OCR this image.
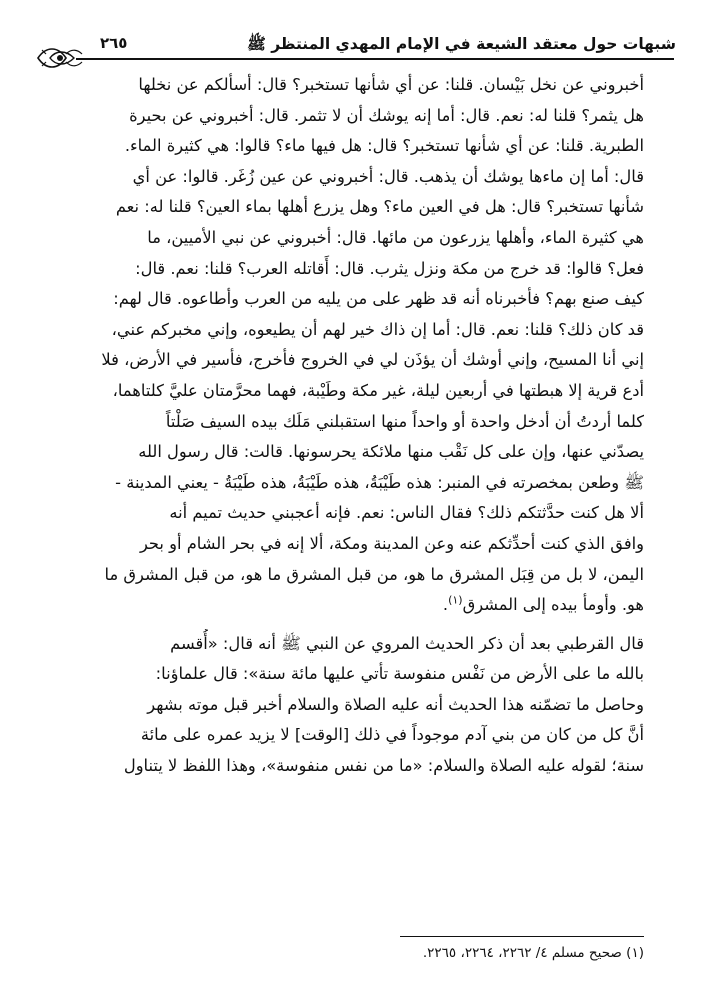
شبهات حول معتقد الشيعة في الإمام المهدي المنتظر ﷺ
٢٦٥
أخبروني عن نخل بَيْسان. قلنا: عن أي شأنها تستخبر؟ قال: أسألكم عن نخلها
هل يثمر؟ قلنا له: نعم. قال: أما إنه يوشك أن لا تثمر. قال: أخبروني عن بحيرة
الطبرية. قلنا: عن أي شأنها تستخبر؟ قال: هل فيها ماء؟ قالوا: هي كثيرة الماء.
قال: أما إن ماءها يوشك أن يذهب. قال: أخبروني عن عين زُغَر. قالوا: عن أي
شأنها تستخبر؟ قال: هل في العين ماء؟ وهل يزرع أهلها بماء العين؟ قلنا له: نعم
هي كثيرة الماء، وأهلها يزرعون من مائها. قال: أخبروني عن نبي الأميين، ما
فعل؟ قالوا: قد خرج من مكة ونزل يثرب. قال: أَقاتله العرب؟ قلنا: نعم. قال:
كيف صنع بهم؟ فأخبرناه أنه قد ظهر على من يليه من العرب وأطاعوه. قال لهم:
قد كان ذلك؟ قلنا: نعم. قال: أما إن ذاك خير لهم أن يطيعوه، وإني مخبركم عني،
إني أنا المسيح، وإني أوشك أن يؤذَن لي في الخروج فأخرج، فأسير في الأرض، فلا
أدع قرية إلا هبطتها في أربعين ليلة، غير مكة وطَيْبة، فهما محرَّمتان عليَّ كلتاهما،
كلما أردتُ أن أدخل واحدة أو واحداً منها استقبلني مَلَك بيده السيف صَلْتاً
يصدّني عنها، وإن على كل نَقْب منها ملائكة يحرسونها. قالت: قال رسول الله
ﷺ وطعن بمخصرته في المنبر: هذه طَيْبَةُ، هذه طَيْبَةُ، هذه طَيْبَةُ - يعني المدينة -
ألا هل كنت حدَّثتكم ذلك؟ فقال الناس: نعم. فإنه أعجبني حديث تميم أنه
وافق الذي كنت أحدِّثكم عنه وعن المدينة ومكة، ألا إنه في بحر الشام أو بحر
اليمن، لا بل من قِبَل المشرق ما هو، من قبل المشرق ما هو، من قبل المشرق ما
هو. وأومأ بيده إلى المشرق$^{(١)}$.
قال القرطبي بعد أن ذكر الحديث المروي عن النبي ﷺ أنه قال: «أُقسم
بالله ما على الأرض من نَفْس منفوسة تأتي عليها مائة سنة»: قال علماؤنا:
وحاصل ما تضمّنه هذا الحديث أنه عليه الصلاة والسلام أخبر قبل موته بشهر
أنَّ كل من كان من بني آدم موجوداً في ذلك [الوقت] لا يزيد عمره على مائة
سنة؛ لقوله عليه الصلاة والسلام: «ما من نفس منفوسة»، وهذا اللفظ لا يتناول
(١) صحيح مسلم ٤/ ٢٢٦٢، ٢٢٦٤، ٢٢٦٥.
